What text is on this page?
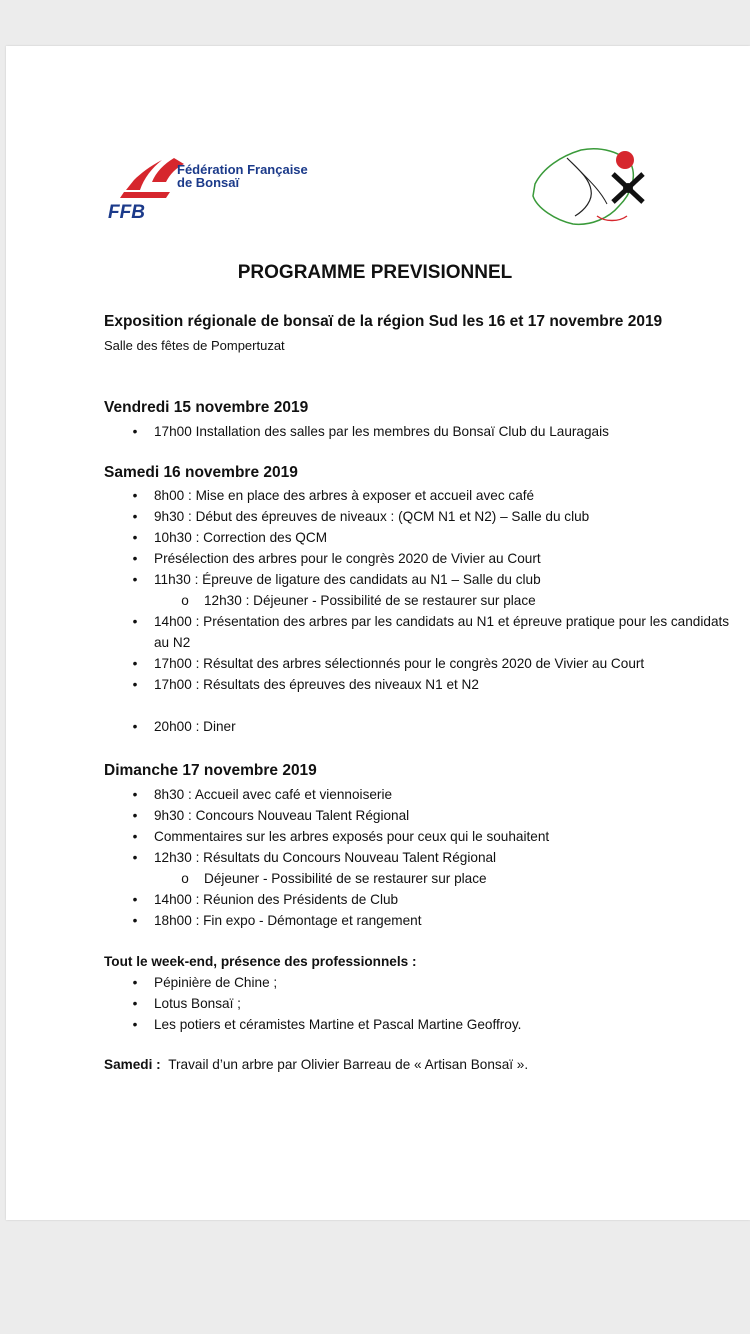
FFB
Fédération Française
de Bonsaï
PROGRAMME PREVISIONNEL
Exposition régionale de bonsaï de la région Sud les 16 et 17 novembre 2019
Salle des fêtes de Pompertuzat
Vendredi 15 novembre 2019
• 17h00 Installation des salles par les membres du Bonsaï Club du Lauragais
Samedi 16 novembre 2019
• 8h00 : Mise en place des arbres à exposer et accueil avec café
• 9h30 : Début des épreuves de niveaux : (QCM N1 et N2) – Salle du club
• 10h30 : Correction des QCM
• Présélection des arbres pour le congrès 2020 de Vivier au Court
• 11h30 : Épreuve de ligature des candidats au N1 – Salle du club
o 12h30 : Déjeuner - Possibilité de se restaurer sur place
• 14h00 : Présentation des arbres par les candidats au N1 et épreuve pratique pour les candidats au N2
• 17h00 : Résultat des arbres sélectionnés pour le congrès 2020 de Vivier au Court
• 17h00 : Résultats des épreuves des niveaux N1 et N2
• 20h00 : Diner
Dimanche 17 novembre 2019
• 8h30 : Accueil avec café et viennoiserie
• 9h30 : Concours Nouveau Talent Régional
• Commentaires sur les arbres exposés pour ceux qui le souhaitent
• 12h30 : Résultats du Concours Nouveau Talent Régional
o Déjeuner - Possibilité de se restaurer sur place
• 14h00 : Réunion des Présidents de Club
• 18h00 : Fin expo - Démontage et rangement
Tout le week-end, présence des professionnels :
• Pépinière de Chine ;
• Lotus Bonsaï ;
• Les potiers et céramistes Martine et Pascal Martine Geoffroy.
Samedi : Travail d’un arbre par Olivier Barreau de « Artisan Bonsaï ».
